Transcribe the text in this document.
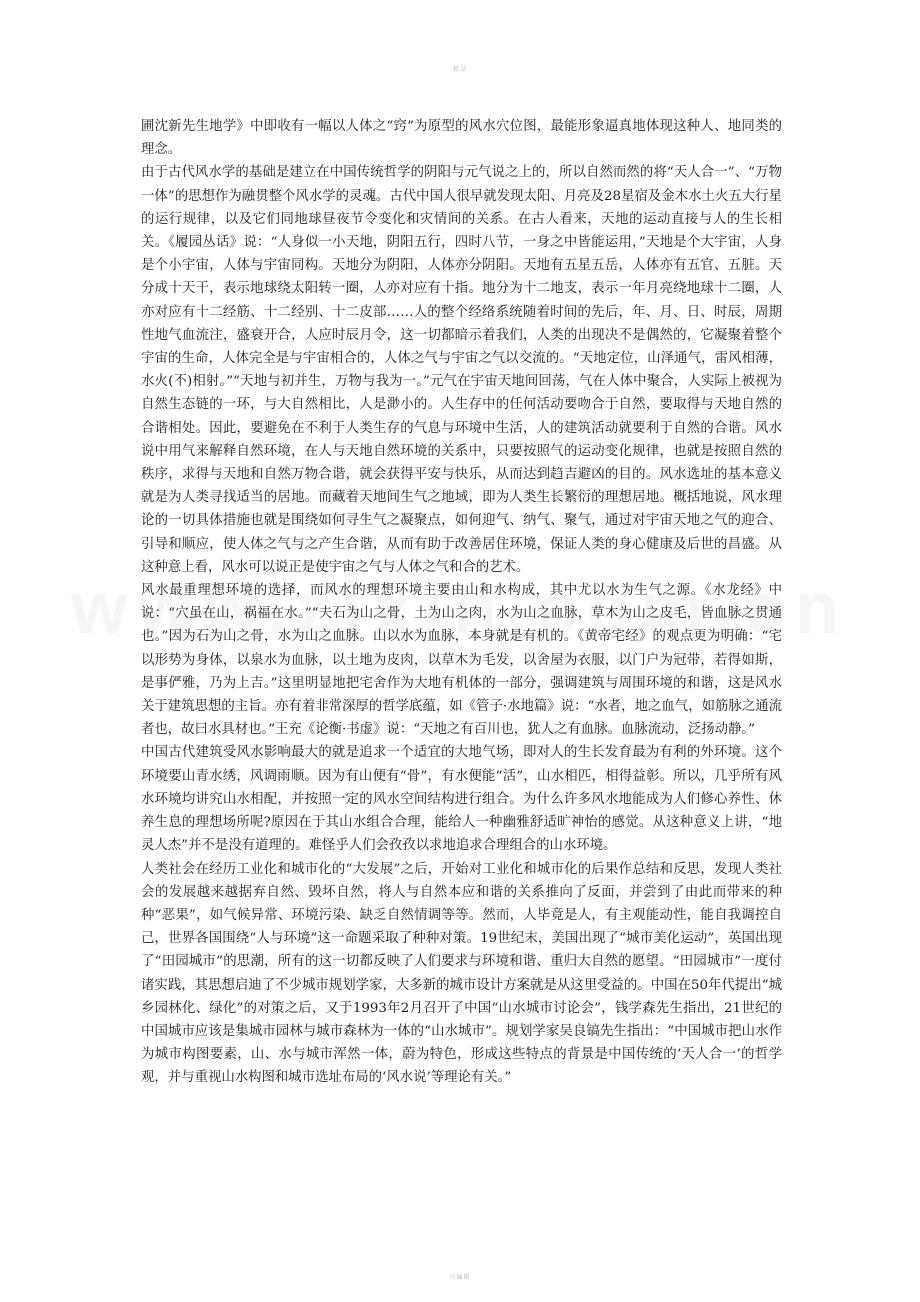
精品

圃沈新先生地学》中即收有一幅以人体之“窍”为原型的风水穴位图，最能形象逼真地体现这种人、地同类的理念。

由于古代风水学的基础是建立在中国传统哲学的阴阳与元气说之上的，所以自然而然的将“天人合一”、“万物一体”的思想作为融贯整个风水学的灵魂。古代中国人很早就发现太阳、月亮及28星宿及金木水土火五大行星的运行规律，以及它们同地球昼夜节令变化和灾情间的关系。在古人看来，天地的运动直接与人的生长相关。《履园丛话》说：“人身似一小天地，阴阳五行，四时八节，一身之中皆能运用，”天地是个大宇宙，人身是个小宇宙，人体与宇宙同构。天地分为阴阳，人体亦分阴阳。天地有五星五岳，人体亦有五官、五脏。天分成十天干，表示地球绕太阳转一圈，人亦对应有十指。地分为十二地支，表示一年月亮绕地球十二圈，人亦对应有十二经筋、十二经别、十二皮部……人的整个经络系统随着时间的先后，年、月、日、时辰，周期性地气血流注，盛衰开合，人应时辰月令，这一切都暗示着我们，人类的出现决不是偶然的，它凝聚着整个宇宙的生命，人体完全是与宇宙相合的，人体之气与宇宙之气以交流的。“天地定位，山泽通气，雷风相薄，水火(不)相射。”“天地与初并生，万物与我为一。”元气在宇宙天地间回荡，气在人体中聚合，人实际上被视为自然生态链的一环，与大自然相比，人是渺小的。人生存中的任何活动要吻合于自然，要取得与天地自然的合谐相处。因此，要避免在不利于人类生存的气息与环境中生活，人的建筑活动就要利于自然的合谐。风水说中用气来解释自然环境，在人与天地自然环境的关系中，只要按照气的运动变化规律，也就是按照自然的秩序，求得与天地和自然万物合谐，就会获得平安与快乐，从而达到趋吉避凶的目的。风水选址的基本意义就是为人类寻找适当的居地。而藏着天地间生气之地域，即为人类生长繁衍的理想居地。概括地说，风水理论的一切具体措施也就是围绕如何寻生气之凝聚点，如何迎气、纳气、聚气，通过对宇宙天地之气的迎合、引导和顺应，使人体之气与之产生合谐，从而有助于改善居住环境，保证人类的身心健康及后世的昌盛。从这种意上看，风水可以说正是使宇宙之气与人体之气和合的艺术。

风水最重理想环境的选择，而风水的理想环境主要由山和水构成，其中尤以水为生气之源。《水龙经》中说：“穴虽在山，祸福在水。”“夫石为山之骨，土为山之肉，水为山之血脉，草木为山之皮毛，皆血脉之贯通也。”因为石为山之骨，水为山之血脉。山以水为血脉，本身就是有机的。《黄帝宅经》的观点更为明确：“宅以形势为身体，以泉水为血脉，以土地为皮肉，以草木为毛发，以舍屋为衣服，以门户为冠带，若得如斯，是事俨雅，乃为上吉。”这里明显地把宅舍作为大地有机体的一部分，强调建筑与周围环境的和谐，这是风水关于建筑思想的主旨。亦有着非常深厚的哲学底蕴，如《管子·水地篇》说：“水者，地之血气，如筋脉之通流者也，故曰水具材也。”王充《论衡·书虚》说：“天地之有百川也，犹人之有血脉。血脉流动，泛扬动静。”

中国古代建筑受风水影响最大的就是追求一个适宜的大地气场，即对人的生长发育最为有利的外环境。这个环境要山青水绣，风调雨顺。因为有山便有“骨”，有水便能“活”，山水相匹，相得益彰。所以，几乎所有风水环境均讲究山水相配，并按照一定的风水空间结构进行组合。为什么许多风水地能成为人们修心养性、休养生息的理想场所呢?原因在于其山水组合合理，能给人一种幽雅舒适旷神怡的感觉。从这种意义上讲，“地灵人杰”并不是没有道理的。难怪乎人们会孜孜以求地追求合理组合的山水环境。

人类社会在经历工业化和城市化的“大发展”之后，开始对工业化和城市化的后果作总结和反思，发现人类社会的发展越来越据弃自然、毁坏自然，将人与自然本应和谐的关系推向了反面，并尝到了由此而带来的种种“恶果”，如气候异常、环境污染、缺乏自然情调等等。然而，人毕竟是人，有主观能动性，能自我调控自己，世界各国围绕“人与环境”这一命题采取了种种对策。19世纪末，美国出现了“城市美化运动”，英国出现了“田园城市”的思潮，所有的这一切都反映了人们要求与环境和谐、重归大自然的愿望。“田园城市”一度付诸实践，其思想启迪了不少城市规划学家，大多新的城市设计方案就是从这里受益的。中国在50年代提出“城乡园林化、绿化”的对策之后，又于1993年2月召开了中国“山水城市讨论会”，钱学森先生指出，21世纪的中国城市应该是集城市园林与城市森林为一体的“山水城市”。规划学家吴良镐先生指出：“中国城市把山水作为城市构图要素，山、水与城市浑然一体，蔚为特色，形成这些特点的背景是中国传统的‘天人合一’的哲学观，并与重视山水构图和城市选址布局的‘风水说’等理论有关。”

可编辑
